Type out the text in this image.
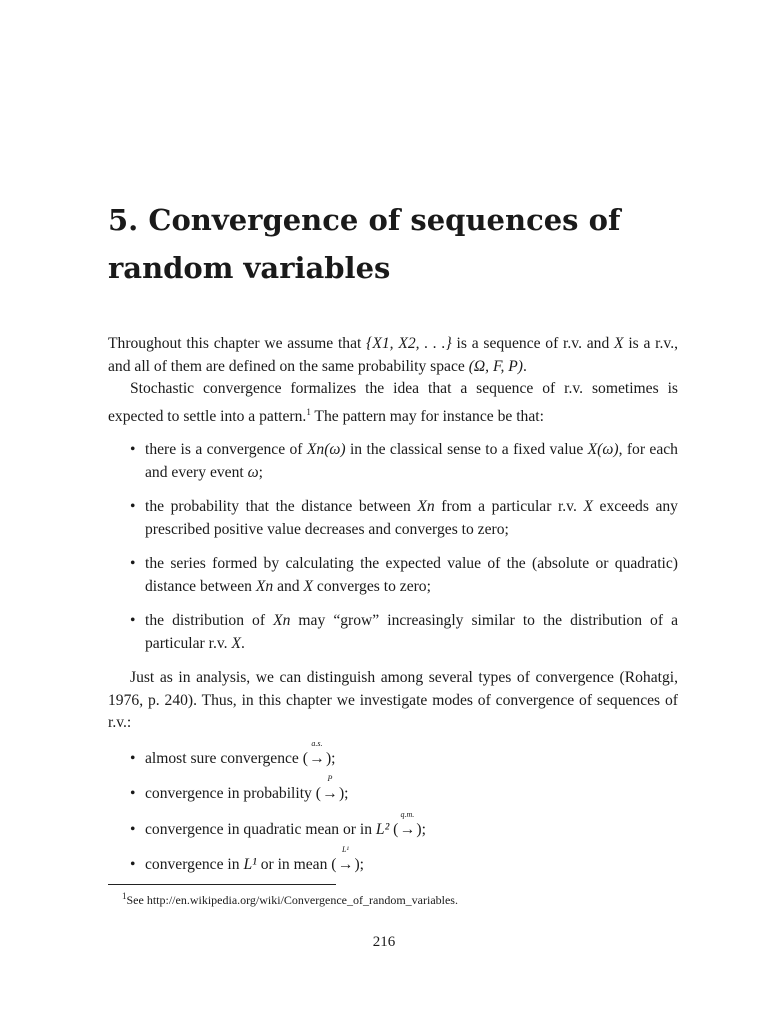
5. Convergence of sequences of
random variables

Throughout this chapter we assume that {X1, X2, . . .} is a sequence of r.v. and X is a r.v., and all of them are defined on the same probability space (Ω, F, P).

Stochastic convergence formalizes the idea that a sequence of r.v. sometimes is expected to settle into a pattern.$^1$ The pattern may for instance be that:

• there is a convergence of Xn(ω) in the classical sense to a fixed value X(ω), for each and every event ω;
• the probability that the distance between Xn from a particular r.v. X exceeds any prescribed positive value decreases and converges to zero;
• the series formed by calculating the expected value of the (absolute or quadratic) distance between Xn and X converges to zero;
• the distribution of Xn may “grow” increasingly similar to the distribution of a particular r.v. X.

Just as in analysis, we can distinguish among several types of convergence (Rohatgi, 1976, p. 240). Thus, in this chapter we investigate modes of convergence of sequences of r.v.:

• almost sure convergence (
a.s.
→);
• convergence in probability (
P
→);
• convergence in quadratic mean or in L² (
q.m.
→);
• convergence in L¹ or in mean (
L¹
→);
$^1$See http://en.wikipedia.org/wiki/Convergence_of_random_variables.
216
